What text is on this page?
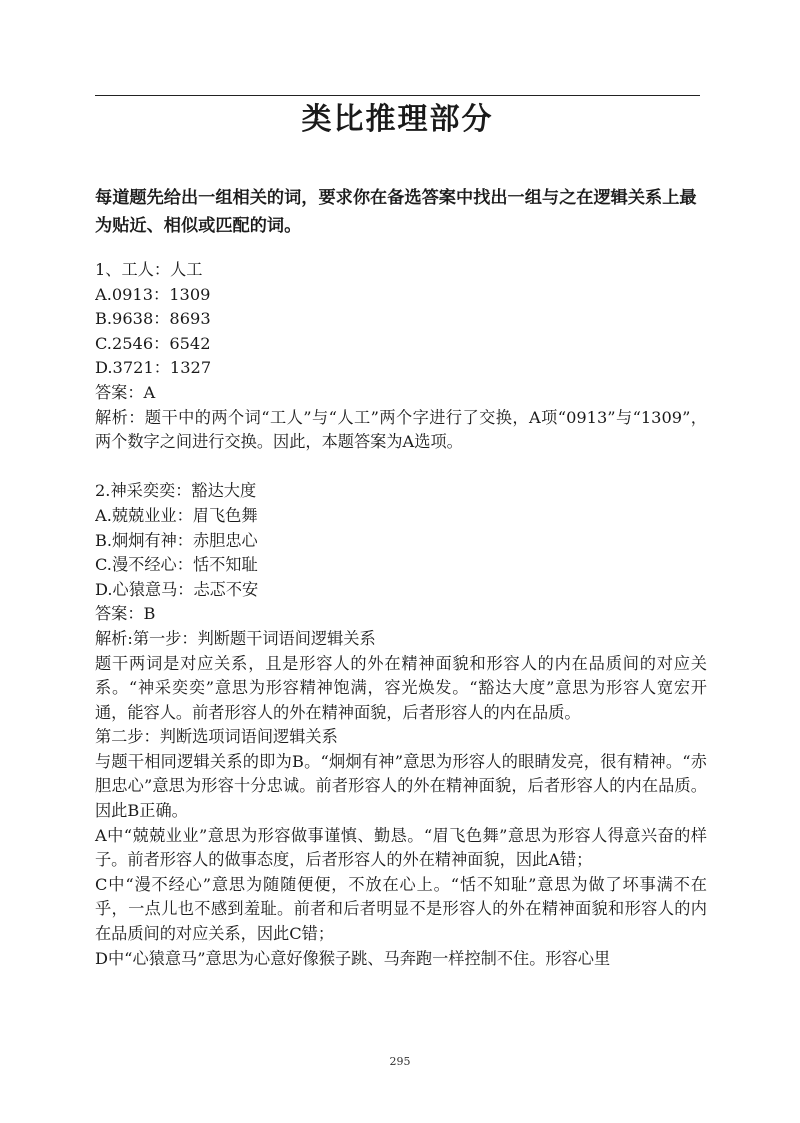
类比推理部分
每道题先给出一组相关的词，要求你在备选答案中找出一组与之在逻辑关系上最为贴近、相似或匹配的词。
1、工人：人工
A.0913：1309
B.9638：8693
C.2546：6542
D.3721：1327
答案：A
解析：题干中的两个词“工人”与“人工”两个字进行了交换，A项“0913”与“1309”，两个数字之间进行交换。因此，本题答案为A选项。
2.神采奕奕：豁达大度
A.兢兢业业：眉飞色舞
B.炯炯有神：赤胆忠心
C.漫不经心：恬不知耻
D.心猿意马：忐忑不安
答案：B
解析:第一步：判断题干词语间逻辑关系
题干两词是对应关系，且是形容人的外在精神面貌和形容人的内在品质间的对应关系。“神采奕奕”意思为形容精神饱满，容光焕发。“豁达大度”意思为形容人宽宏开通，能容人。前者形容人的外在精神面貌，后者形容人的内在品质。
第二步：判断选项词语间逻辑关系
与题干相同逻辑关系的即为B。“炯炯有神”意思为形容人的眼睛发亮，很有精神。“赤胆忠心”意思为形容十分忠诚。前者形容人的外在精神面貌，后者形容人的内在品质。因此B正确。
A中“兢兢业业”意思为形容做事谨慎、勤恳。“眉飞色舞”意思为形容人得意兴奋的样子。前者形容人的做事态度，后者形容人的外在精神面貌，因此A错；
C中“漫不经心”意思为随随便便，不放在心上。“恬不知耻”意思为做了坏事满不在乎，一点儿也不感到羞耻。前者和后者明显不是形容人的外在精神面貌和形容人的内在品质间的对应关系，因此C错；
D中“心猿意马”意思为心意好像猴子跳、马奔跑一样控制不住。形容心里
295
